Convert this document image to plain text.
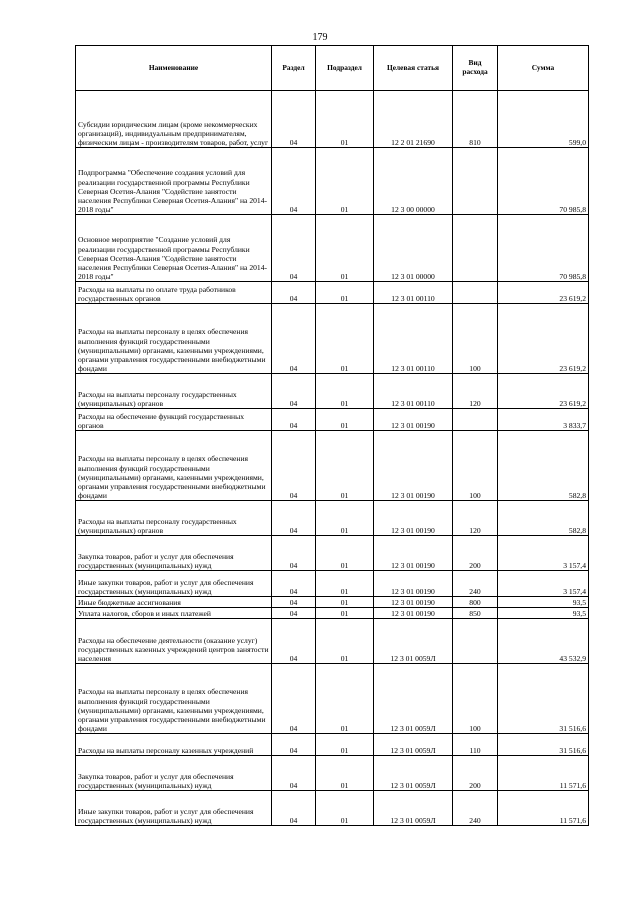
179
Наименование	Раздел	Подраздел	Целевая статья	Вид расхода	Сумма

Субсидии юридическим лицам (кроме некоммерческих организаций), индивидуальным предпринимателям, физическим лицам - производителям товаров, работ, услуг	04	01	12 2 01 21690	810	599,0

Подпрограмма "Обеспечение создания условий для реализации государственной программы Республики Северная Осетия-Алания "Содействие занятости населения Республики Северная Осетия-Алания" на 2014-2018 годы"	04	01	12 3 00 00000		70 985,8

Основное мероприятие "Создание условий для реализации государственной программы Республики Северная Осетия-Алания "Содействие занятости населения Республики Северная Осетия-Алания" на 2014-2018 годы"	04	01	12 3 01 00000		70 985,8

Расходы на выплаты по оплате труда работников государственных органов	04	01	12 3 01 00110		23 619,2

Расходы на выплаты персоналу в целях обеспечения выполнения функций государственными (муниципальными) органами, казенными учреждениями, органами управления государственными внебюджетными фондами	04	01	12 3 01 00110	100	23 619,2

Расходы на выплаты персоналу государственных (муниципальных) органов	04	01	12 3 01 00110	120	23 619,2

Расходы на обеспечение функций государственных органов	04	01	12 3 01 00190		3 833,7

Расходы на выплаты персоналу в целях обеспечения выполнения функций государственными (муниципальными) органами, казенными учреждениями, органами управления государственными внебюджетными фондами	04	01	12 3 01 00190	100	582,8

Расходы на выплаты персоналу государственных (муниципальных) органов	04	01	12 3 01 00190	120	582,8

Закупка товаров, работ и услуг для обеспечения государственных (муниципальных) нужд	04	01	12 3 01 00190	200	3 157,4

Иные закупки товаров, работ и услуг для обеспечения государственных (муниципальных) нужд	04	01	12 3 01 00190	240	3 157,4

Иные бюджетные ассигнования	04	01	12 3 01 00190	800	93,5

Уплата налогов, сборов и иных платежей	04	01	12 3 01 00190	850	93,5

Расходы на обеспечение деятельности (оказание услуг) государственных казенных учреждений центров занятости населения	04	01	12 3 01 0059Л		43 532,9

Расходы на выплаты персоналу в целях обеспечения выполнения функций государственными (муниципальными) органами, казенными учреждениями, органами управления государственными внебюджетными фондами	04	01	12 3 01 0059Л	100	31 516,6

Расходы на выплаты персоналу казенных учреждений	04	01	12 3 01 0059Л	110	31 516,6

Закупка товаров, работ и услуг для обеспечения государственных (муниципальных) нужд	04	01	12 3 01 0059Л	200	11 571,6

Иные закупки товаров, работ и услуг для обеспечения государственных (муниципальных) нужд	04	01	12 3 01 0059Л	240	11 571,6
